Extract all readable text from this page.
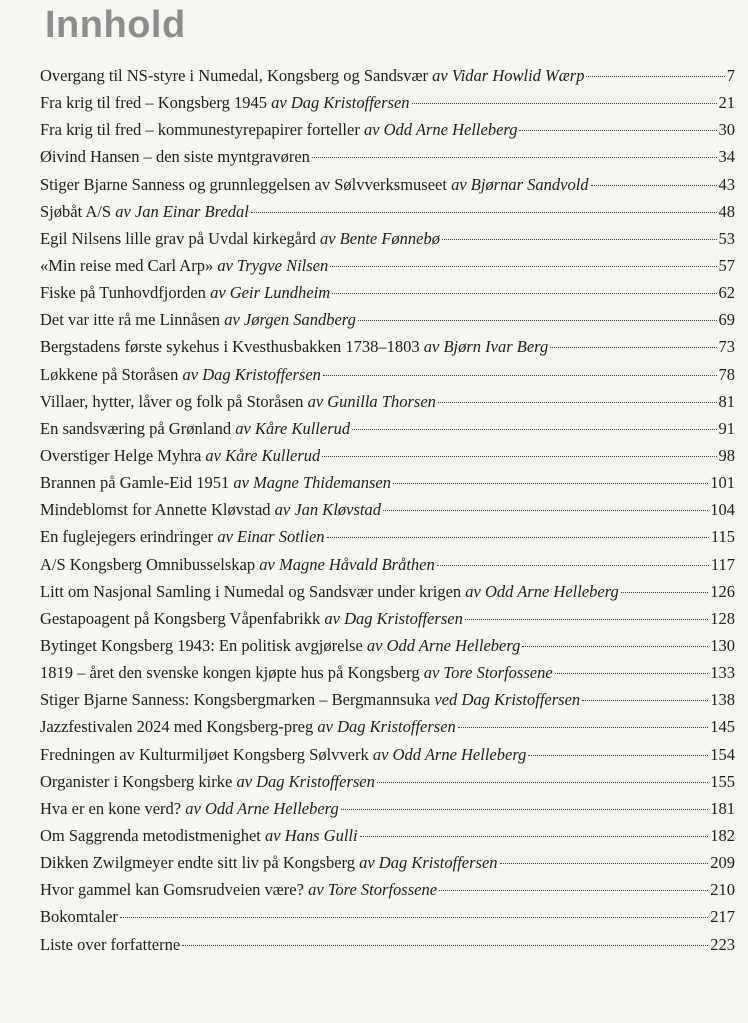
Innhold
Overgang til NS-styre i Numedal, Kongsberg og Sandsvær av Vidar Howlid Wærp	7
Fra krig til fred – Kongsberg 1945 av Dag Kristoffersen	21
Fra krig til fred – kommunestyrepapirer forteller av Odd Arne Helleberg	30
Øivind Hansen – den siste myntgravøren	34
Stiger Bjarne Sanness og grunnleggelsen av Sølvverksmuseet av Bjørnar Sandvold	43
Sjøbåt A/S av Jan Einar Bredal	48
Egil Nilsens lille grav på Uvdal kirkegård av Bente Fønnebø	53
«Min reise med Carl Arp» av Trygve Nilsen	57
Fiske på Tunhovdfjorden av Geir Lundheim	62
Det var itte rå me Linnåsen av Jørgen Sandberg	69
Bergstadens første sykehus i Kvesthusbakken 1738–1803 av Bjørn Ivar Berg	73
Løkkene på Storåsen av Dag Kristoffersen	78
Villaer, hytter, låver og folk på Storåsen av Gunilla Thorsen	81
En sandsværing på Grønland av Kåre Kullerud	91
Overstiger Helge Myhra av Kåre Kullerud	98
Brannen på Gamle-Eid 1951 av Magne Thidemansen	101
Mindeblomst for Annette Kløvstad av Jan Kløvstad	104
En fuglejegers erindringer av Einar Sotlien	115
A/S Kongsberg Omnibusselskap av Magne Håvald Bråthen	117
Litt om Nasjonal Samling i Numedal og Sandsvær under krigen av Odd Arne Helleberg	126
Gestapoagent på Kongsberg Våpenfabrikk av Dag Kristoffersen	128
Bytinget Kongsberg 1943: En politisk avgjørelse av Odd Arne Helleberg	130
1819 – året den svenske kongen kjøpte hus på Kongsberg av Tore Storfossene	133
Stiger Bjarne Sanness: Kongsbergmarken – Bergmannsuka ved Dag Kristoffersen	138
Jazzfestivalen 2024 med Kongsberg-preg av Dag Kristoffersen	145
Fredningen av Kulturmiljøet Kongsberg Sølvverk av Odd Arne Helleberg	154
Organister i Kongsberg kirke av Dag Kristoffersen	155
Hva er en kone verd? av Odd Arne Helleberg	181
Om Saggrenda metodistmenighet av Hans Gulli	182
Dikken Zwilgmeyer endte sitt liv på Kongsberg av Dag Kristoffersen	209
Hvor gammel kan Gomsrudveien være? av Tore Storfossene	210
Bokomtaler	217
Liste over forfatterne	223
